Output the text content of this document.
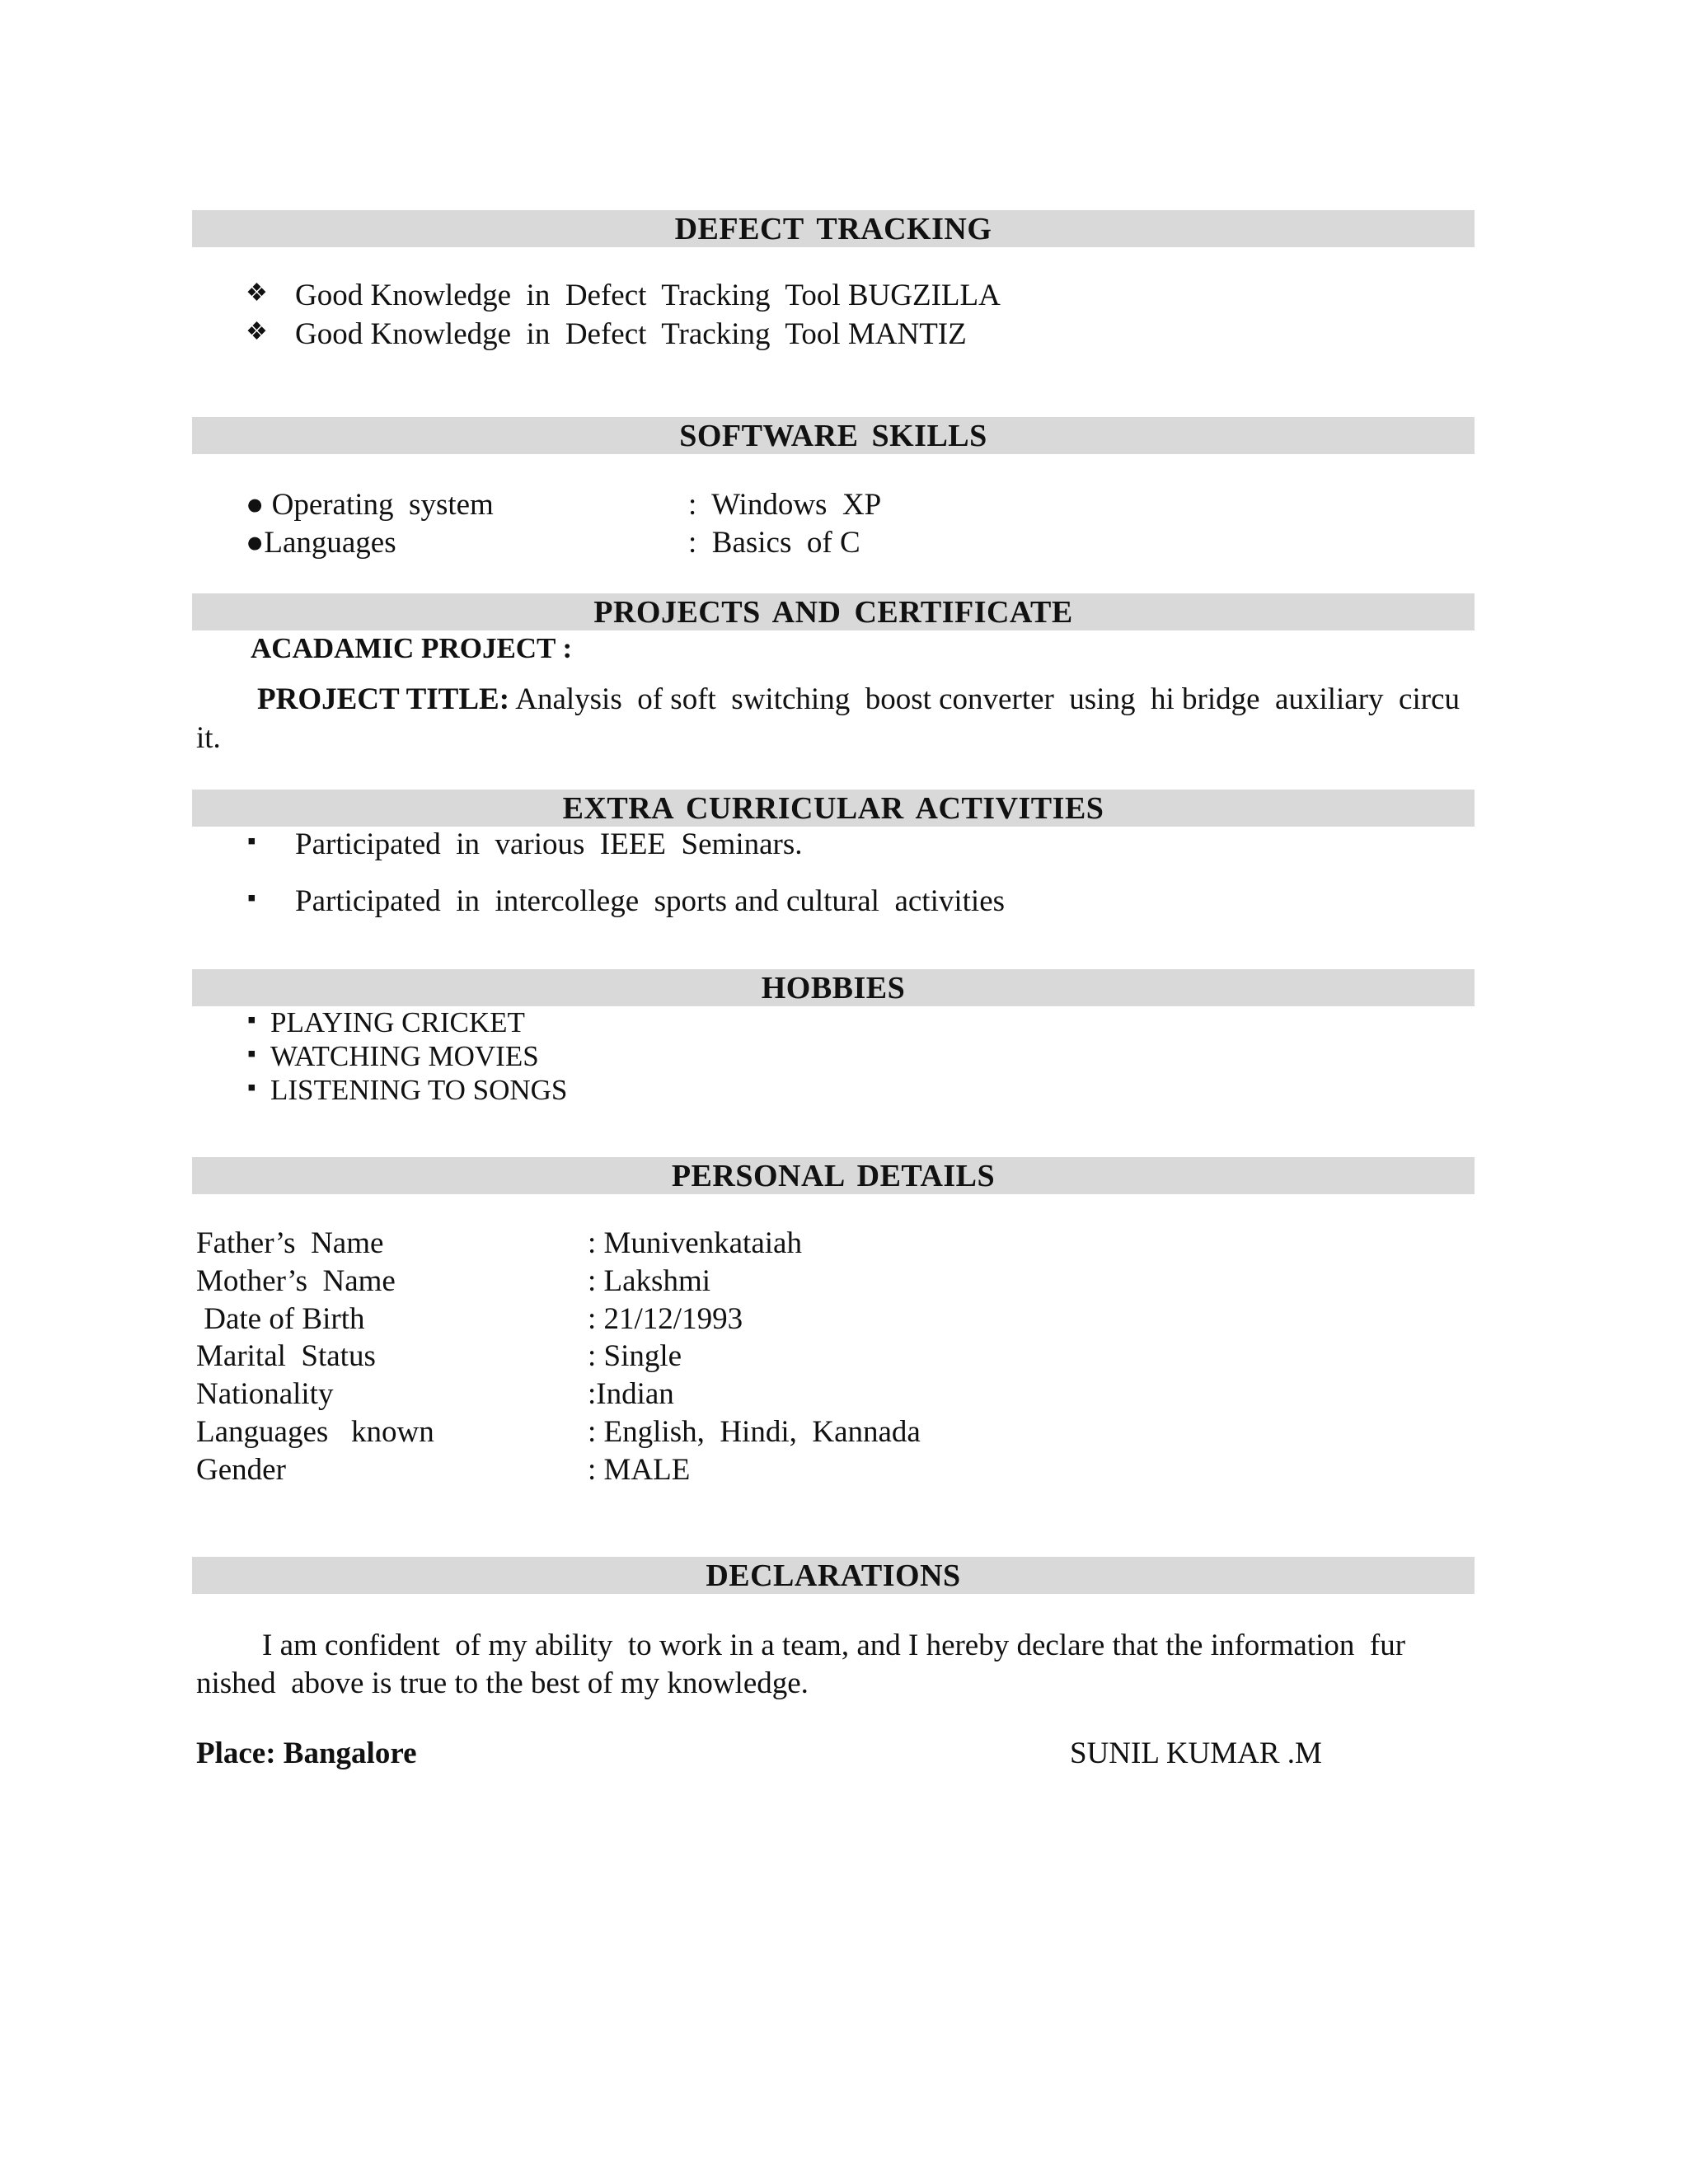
DEFECT TRACKING
❖ Good Knowledge  in  Defect  Tracking  Tool BUGZILLA
❖ Good Knowledge  in  Defect  Tracking  Tool MANTIZ
SOFTWARE SKILLS
● Operating  system	:  Windows  XP
●Languages	:  Basics  of C
PROJECTS AND CERTIFICATE
ACADAMIC PROJECT :
PROJECT TITLE: Analysis  of soft  switching  boost converter  using  hi bridge  auxiliary  circu
it.
EXTRA CURRICULAR ACTIVITIES
▪ Participated  in  various  IEEE  Seminars.
▪ Participated  in  intercollege  sports and cultural  activities
HOBBIES
▪ PLAYING CRICKET
▪ WATCHING MOVIES
▪ LISTENING TO SONGS
PERSONAL DETAILS
Father’s  Name	: Munivenkataiah
Mother’s  Name	: Lakshmi
Date of Birth	: 21/12/1993
Marital  Status	: Single
Nationality	:Indian
Languages   known	: English,  Hindi,  Kannada
Gender	: MALE
DECLARATIONS
I am confident  of my ability  to work in a team, and I hereby declare that the information  fur
nished  above is true to the best of my knowledge.
Place: Bangalore	SUNIL KUMAR .M
